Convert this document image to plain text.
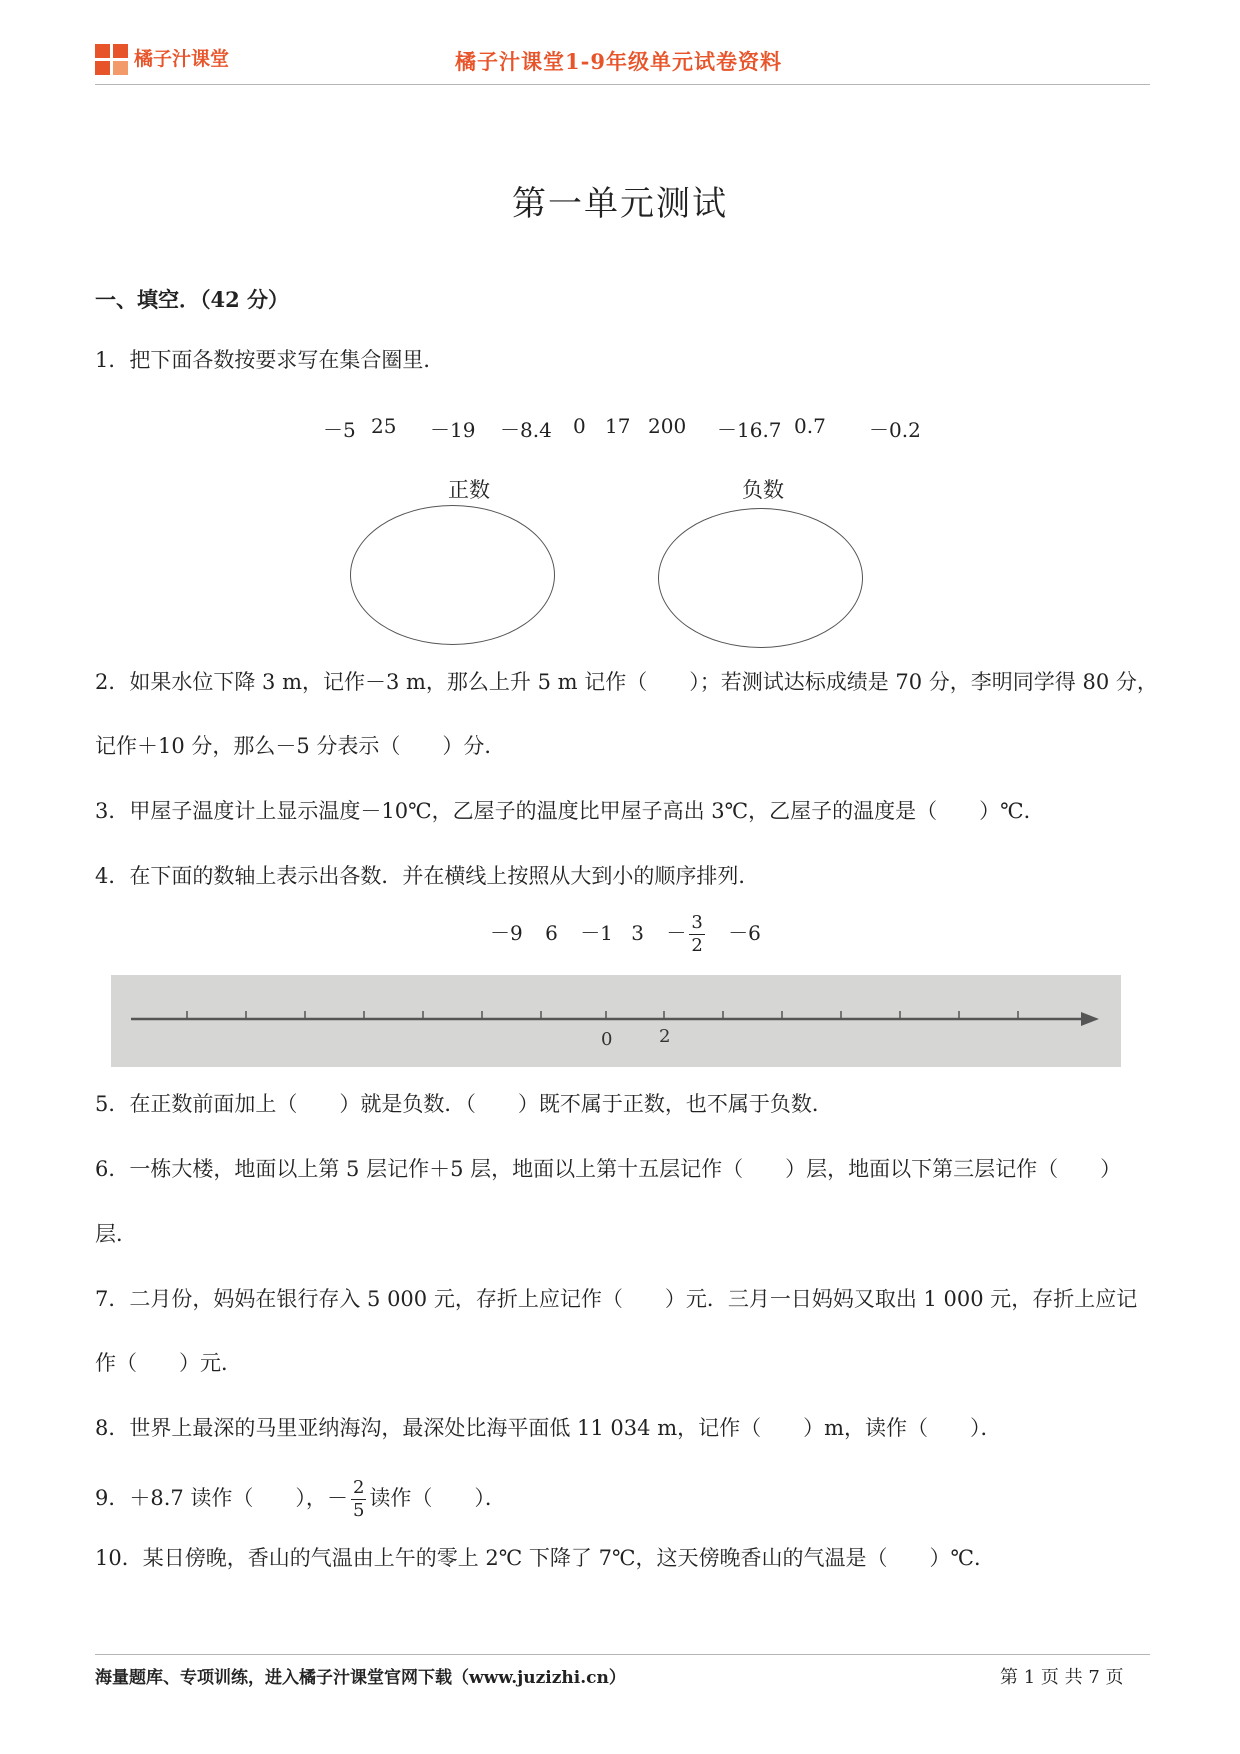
橘子汁课堂	橘子汁课堂1-9年级单元试卷资料
第一单元测试
一、填空．（42 分）
1．把下面各数按要求写在集合圈里．
－5 25 －19 －8.4 0 17 200 －16.7 0.7 －0.2
正数	负数
2．如果水位下降 3 m，记作－3 m，那么上升 5 m 记作（　　）；若测试达标成绩是 70 分，李明同学得 80 分，
记作＋10 分，那么－5 分表示（　　）分．
3．甲屋子温度计上显示温度－10℃，乙屋子的温度比甲屋子高出 3℃，乙屋子的温度是（　　）℃．
4．在下面的数轴上表示出各数．并在横线上按照从大到小的顺序排列．
－9 6 －1 $3 - \frac{3}{2} -6$
0	2
5．在正数前面加上（　　）就是负数．（　　）既不属于正数，也不属于负数．
6．一栋大楼，地面以上第 5 层记作＋5 层，地面以上第十五层记作（　　）层，地面以下第三层记作（　　）
层．
7．二月份，妈妈在银行存入 5 000 元，存折上应记作（　　）元．三月一日妈妈又取出 1 000 元，存折上应记
作（　　）元．
8．世界上最深的马里亚纳海沟，最深处比海平面低 11 034 m，记作（　　）m，读作（　　）．
9．＋8.7 读作（　　），－ $\frac{2}{5}$ 读作（　　）．
10．某日傍晚，香山的气温由上午的零上 2℃ 下降了 7℃，这天傍晚香山的气温是（　　）℃．
海量题库、专项训练，进入橘子汁课堂官网下载（www.juzizhi.cn）	第 1 页 共 7 页
